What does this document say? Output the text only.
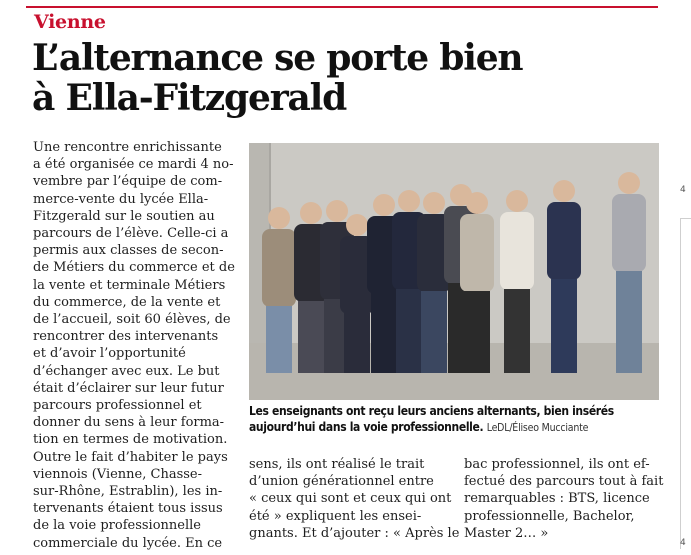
Vienne
L’alternance se porte bien
à Ella-Fitzgerald
Une rencontre enrichissante
a été organisée ce mardi 4 no-
vembre par l’équipe de com-
merce-vente du lycée Ella-
Fitzgerald sur le soutien au
parcours de l’élève. Celle-ci a
permis aux classes de secon-
de Métiers du commerce et de
la vente et terminale Métiers
du commerce, de la vente et
de l’accueil, soit 60 élèves, de
rencontrer des intervenants
et d’avoir l’opportunité
d’échanger avec eux. Le but
était d’éclairer sur leur futur
parcours professionnel et
donner du sens à leur forma-
tion en termes de motivation.
Outre le fait d’habiter le pays
viennois (Vienne, Chasse-
sur-Rhône, Estrablin), les in-
tervenants étaient tous issus
de la voie professionnelle
commerciale du lycée. En ce
Les enseignants ont reçu leurs anciens alternants, bien insérés aujourd’hui dans la voie professionnelle. LeDL/Éliseo Mucciante
sens, ils ont réalisé le trait
d’union générationnel entre
« ceux qui sont et ceux qui ont
été » expliquent les ensei-
gnants. Et d’ajouter : « Après le
bac professionnel, ils ont ef-
fectué des parcours tout à fait
remarquables : BTS, licence
professionnelle, Bachelor,
Master 2… »
4
4
